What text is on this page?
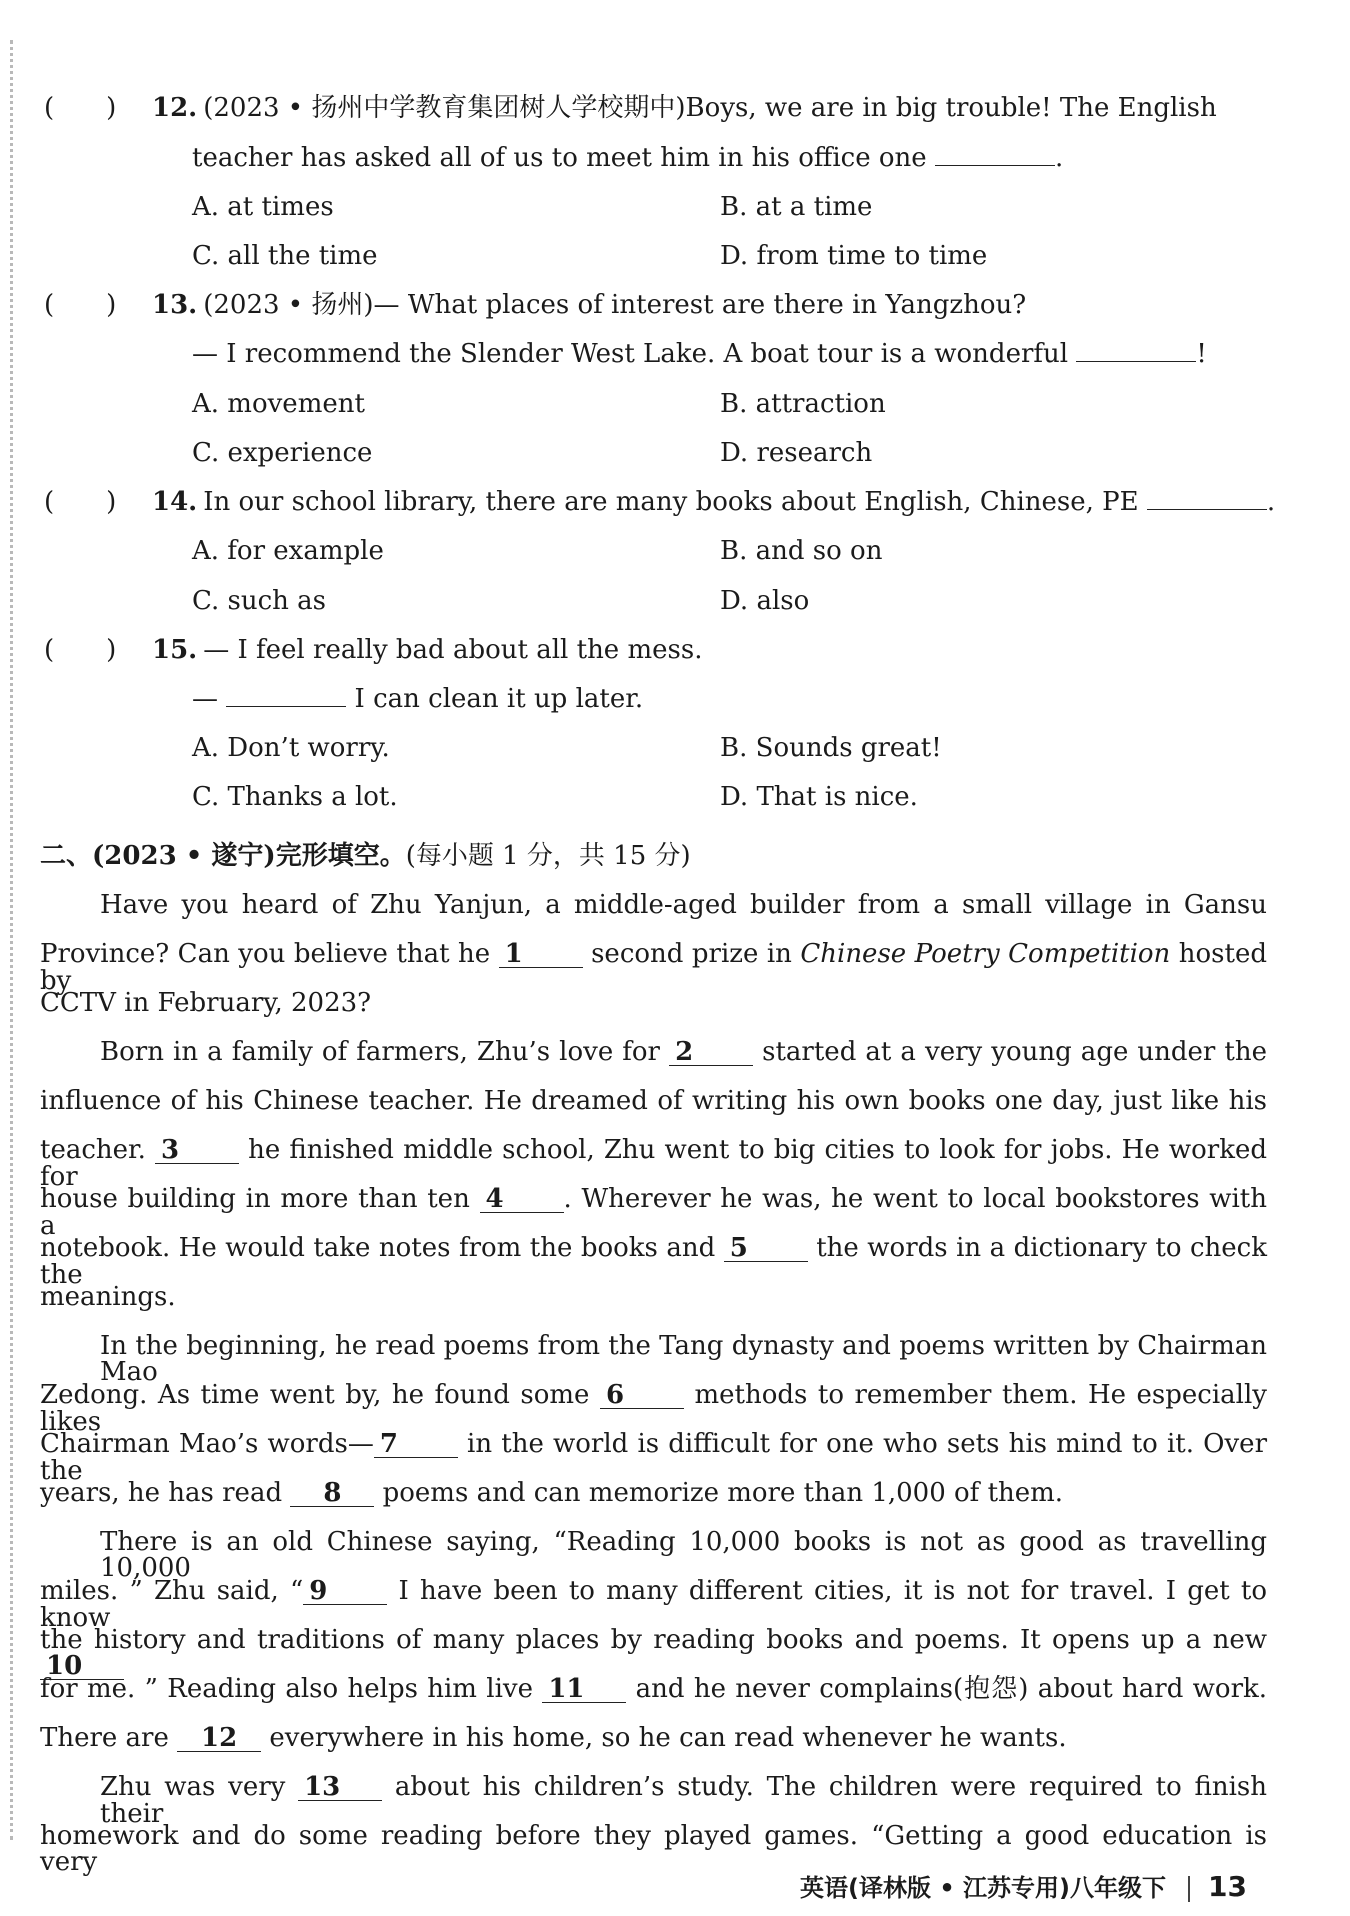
(　　) 12. (2023 • 扬州中学教育集团树人学校期中)Boys, we are in big trouble! The English
teacher has asked all of us to meet him in his office one	.
A. at times	B. at a time
C. all the time	D. from time to time
(　　) 13. (2023 • 扬州)— What places of interest are there in Yangzhou?
— I recommend the Slender West Lake. A boat tour is a wonderful	!
A. movement	B. attraction
C. experience	D. research
(　　) 14. In our school library, there are many books about English, Chinese, PE	.
A. for example	B. and so on
C. such as	D. also
(　　) 15. — I feel really bad about all the mess.
—	I can clean it up later.
A. Don’t worry.	B. Sounds great!
C. Thanks a lot.	D. That is nice.
二、(2023 • 遂宁)完形填空。(每小题 1 分，共 15 分)
Have you heard of Zhu Yanjun, a middle-aged builder from a small village in Gansu
Province? Can you believe that he 1	second prize in Chinese Poetry Competition hosted by
CCTV in February, 2023?
Born in a family of farmers, Zhu’s love for 2	started at a very young age under the
influence of his Chinese teacher. He dreamed of writing his own books one day, just like his
teacher. 3	he finished middle school, Zhu went to big cities to look for jobs. He worked for
house building in more than ten 4 . Wherever he was, he went to local bookstores with a
notebook. He would take notes from the books and 5	the words in a dictionary to check the
meanings.
In the beginning, he read poems from the Tang dynasty and poems written by Chairman Mao
Zedong. As time went by, he found some 6	methods to remember them. He especially likes
Chairman Mao’s words— 7	in the world is difficult for one who sets his mind to it. Over the
years, he has read 8 poems and can memorize more than 1,000 of them.
There is an old Chinese saying, “Reading 10,000 books is not as good as travelling 10,000
miles. ” Zhu said, “ 9	I have been to many different cities, it is not for travel. I get to know
the history and traditions of many places by reading books and poems. It opens up a new 10
for me. ” Reading also helps him live 11 and he never complains(抱怨) about hard work.
There are 12 everywhere in his home, so he can read whenever he wants.
Zhu was very 13 about his children’s study. The children were required to finish their
homework and do some reading before they played games. “Getting a good education is very
英语(译林版 • 江苏专用)八年级下 13
